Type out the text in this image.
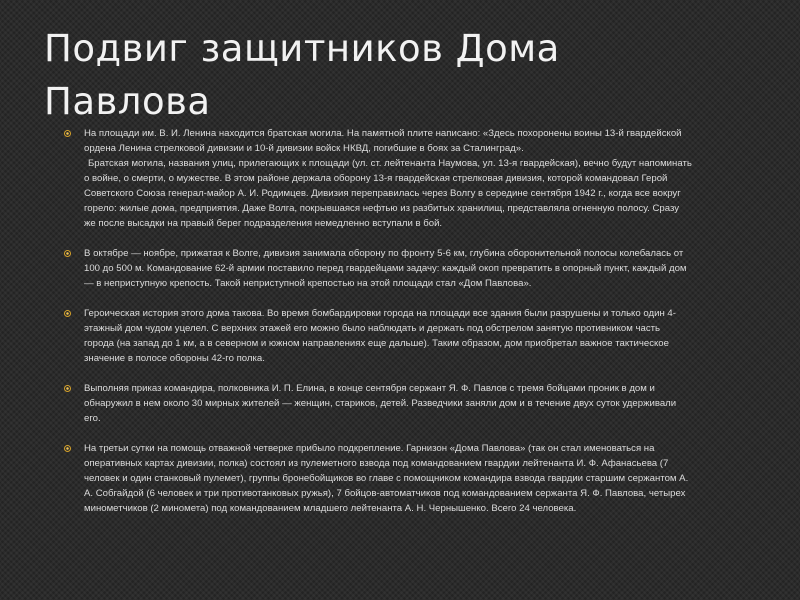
Подвиг защитников Дома
Павлова

На площади им. В. И. Ленина находится братская могила. На памятной плите написано: «Здесь похоронены воины 13-й гвардейской ордена Ленина стрелковой дивизии и 10-й дивизии войск НКВД, погибшие в боях за Сталинград».

Братская могила, названия улиц, прилегающих к площади (ул. ст. лейтенанта Наумова, ул. 13-я гвардейская), вечно будут напоминать о войне, о смерти, о мужестве. В этом районе держала оборону 13-я гвардейская стрелковая дивизия, которой командовал Герой Советского Союза генерал-майор А. И. Родимцев. Дивизия переправилась через Волгу в середине сентября 1942 г., когда все вокруг горело: жилые дома, предприятия. Даже Волга, покрывшаяся нефтью из разбитых хранилищ, представляла огненную полосу. Сразу же после высадки на правый берег подразделения немедленно вступали в бой.

В октябре — ноябре, прижатая к Волге, дивизия занимала оборону по фронту 5-6 км, глубина оборонительной полосы колебалась от 100 до 500 м. Командование 62-й армии поставило перед гвардейцами задачу: каждый окоп превратить в опорный пункт, каждый дом — в неприступную крепость. Такой неприступной крепостью на этой площади стал «Дом Павлова».

Героическая история этого дома такова. Во время бомбардировки города на площади все здания были разрушены и только один 4-этажный дом чудом уцелел. С верхних этажей его можно было наблюдать и держать под обстрелом занятую противником часть города (на запад до 1 км, а в северном и южном направлениях еще дальше). Таким образом, дом приобретал важное тактическое значение в полосе обороны 42-го полка.

Выполняя приказ командира, полковника И. П. Елина, в конце сентября сержант Я. Ф. Павлов с тремя бойцами проник в дом и обнаружил в нем около 30 мирных жителей — женщин, стариков, детей. Разведчики заняли дом и в течение двух суток удерживали его.

На третьи сутки на помощь отважной четверке прибыло подкрепление. Гарнизон «Дома Павлова» (так он стал именоваться на оперативных картах дивизии, полка) состоял из пулеметного взвода под командованием гвардии лейтенанта И. Ф. Афанасьева (7 человек и один станковый пулемет), группы бронебойщиков во главе с помощником командира взвода гвардии старшим сержантом А. А. Собгайдой (6 человек и три противотанковых ружья), 7 бойцов-автоматчиков под командованием сержанта Я. Ф. Павлова, четырех минометчиков (2 миномета) под командованием младшего лейтенанта А. Н. Чернышенко. Всего 24 человека.
